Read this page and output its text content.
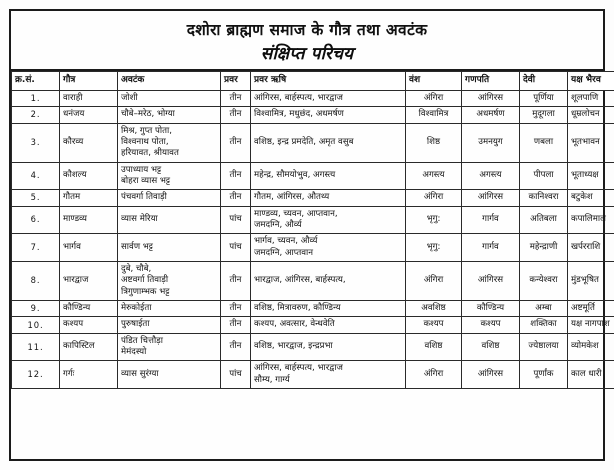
दशोरा ब्राह्मण समाज के गौत्र तथा अवटंक
संक्षिप्त परिचय
क्र.सं.	गौत्र	अवटंक	प्रवर	प्रवर ऋषि	वंश	गणपति	देवी	यक्ष भैरव
1.	वाराही	जोशी	तीन	आंगिरस, बार्हस्पत्य, भारद्वाज	अंगिरा	आंगिरस	पूर्णिया	शूलपाणि
2.	धनंजय	चौबे–मरेठ, भोग्या	तीन	विश्वामित्र, मधुछंद, अधमर्षण	विश्वामित्र	अधमर्षण	मुदूगला	धूम्रलोचन
3.	कौरव्य	मिश्र, गुप्त पोता,
विश्वनाथ पोता,
हरियावत, श्रीयावत	तीन	वशिष्ठ, इन्द्र प्रमदेति, अमृत वसुब	शिष्ठ	उमनयुग	णबला	भूतभावन
4.	कौशल्य	उपाध्याय भट्ट
बोहरा व्यास भट्ट	तीन	महेन्द्र, सौमयोभुव, अगस्त्य	अगस्त्य	अगस्त्य	पीपला	भूताध्यक्ष
5.	गौतम	पंचवर्गा तिवाड़ी	तीन	गौतम, आंगिरस, औतथ्य	अंगिरा	आंगिरस	कानिश्वरा	बटुकेश
6.	माण्डव्य	व्यास मेरिया	पांच	माण्डव्य, च्यवन, आप्तवान,
जमदग्नि, और्व्य	भृगु:	गार्गव	अतिबला	कपालिमाल
7.	भार्गव	सार्वण भट्ट	पांच	भार्गव, च्यवन, और्व्य
जमदग्नि, आप्तवान	भृगु:	गार्गव	महेन्द्राणी	खर्परराशि
8.	भारद्वाज	दुबे, चौबे,
अष्टवर्गा तिवाड़ी
त्रिगुणाम्भक भट्ट	तीन	भारद्वाज, आंगिरस, बार्हस्पत्य,	अंगिरा	आंगिरस	कन्येश्वरा	मुंडभूषित
9.	कौण्डिन्य	मेरुकोईता	तीन	वशिष्ठ, मित्रावरुण, कौण्डिन्य	अवशिष्ठ	कौण्डिन्य	अम्बा	अष्टमूर्ति
10.	कश्यप	पुरुषाईता	तीन	कश्यप, अवत्सार, वेन्धवेति	कश्यप	कश्यप	शक्तिका	यक्ष नागपाश
11.	कापिस्टिल	पंडित चित्तौड़ा
मेमंदस्यो	तीन	वशिष्ठ, भारद्वाज, इन्द्रप्रभा	वशिष्ठ	वशिष्ठ	ज्येष्ठालया	व्योमकेश
12.	गर्गः	व्यास सुरंग्या	पांच	आंगिरस, बार्हस्पत्य, भारद्वाज
सौम्य, गार्ग्य	अंगिरा	आंगिरस	पूर्णांक	काल धारी
